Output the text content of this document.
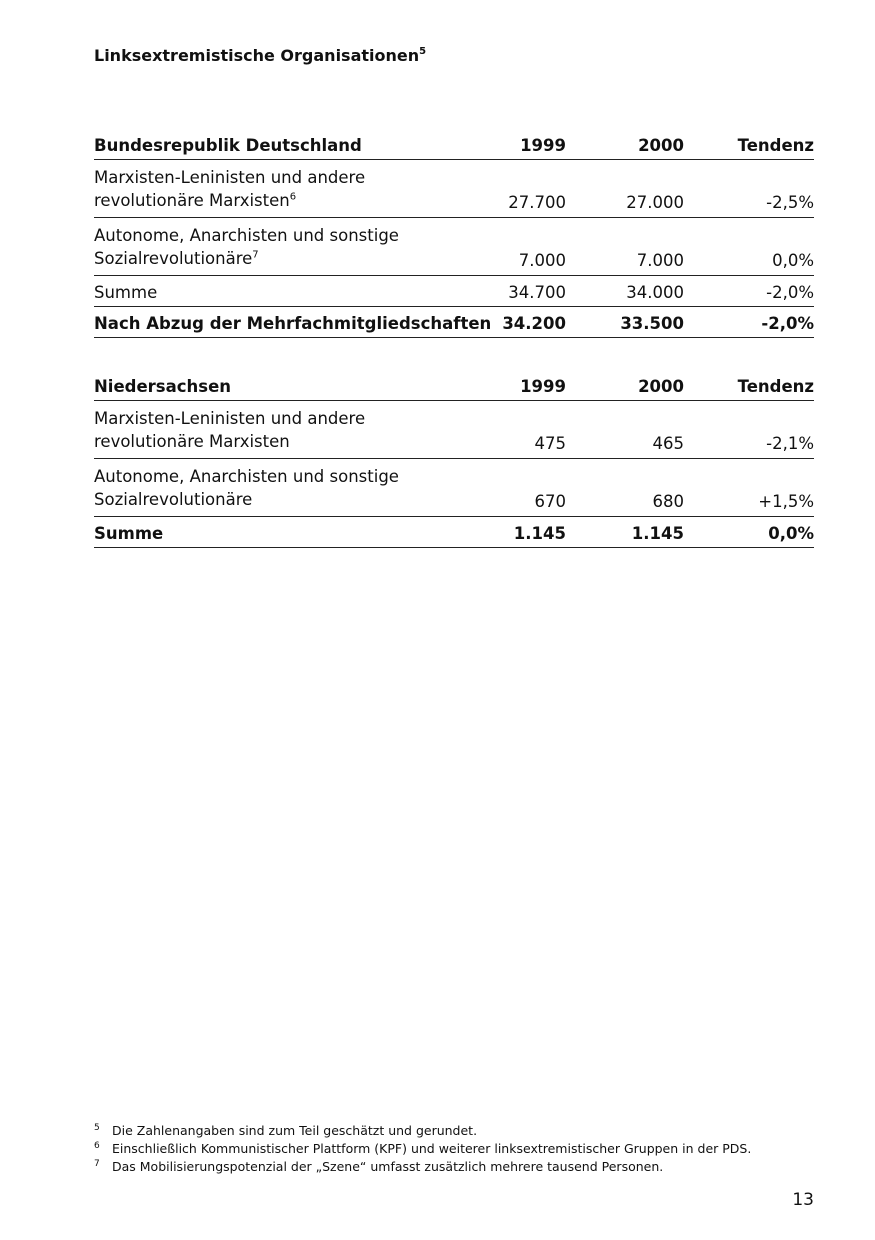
Linksextremistische Organisationen$^5$
Bundesrepublik Deutschland	1999	2000	Tendenz

Marxisten-Leninisten und andere
revolutionäre Marxisten$^6$	27.700	27.000	-2,5%

Autonome, Anarchisten und sonstige
Sozialrevolutionäre$^7$	7.000	7.000	0,0%
Summe	34.700	34.000	-2,0%
Nach Abzug der Mehrfachmitgliedschaften	34.200	33.500	-2,0%
Niedersachsen	1999	2000	Tendenz

Marxisten-Leninisten und andere
revolutionäre Marxisten	475	465	-2,1%

Autonome, Anarchisten und sonstige
Sozialrevolutionäre	670	680	+1,5%
Summe	1.145	1.145	0,0%
5 Die Zahlenangaben sind zum Teil geschätzt und gerundet.
6 Einschließlich Kommunistischer Plattform (KPF) und weiterer linksextremistischer Gruppen in der PDS.
7 Das Mobilisierungspotenzial der „Szene“ umfasst zusätzlich mehrere tausend Personen.
13
